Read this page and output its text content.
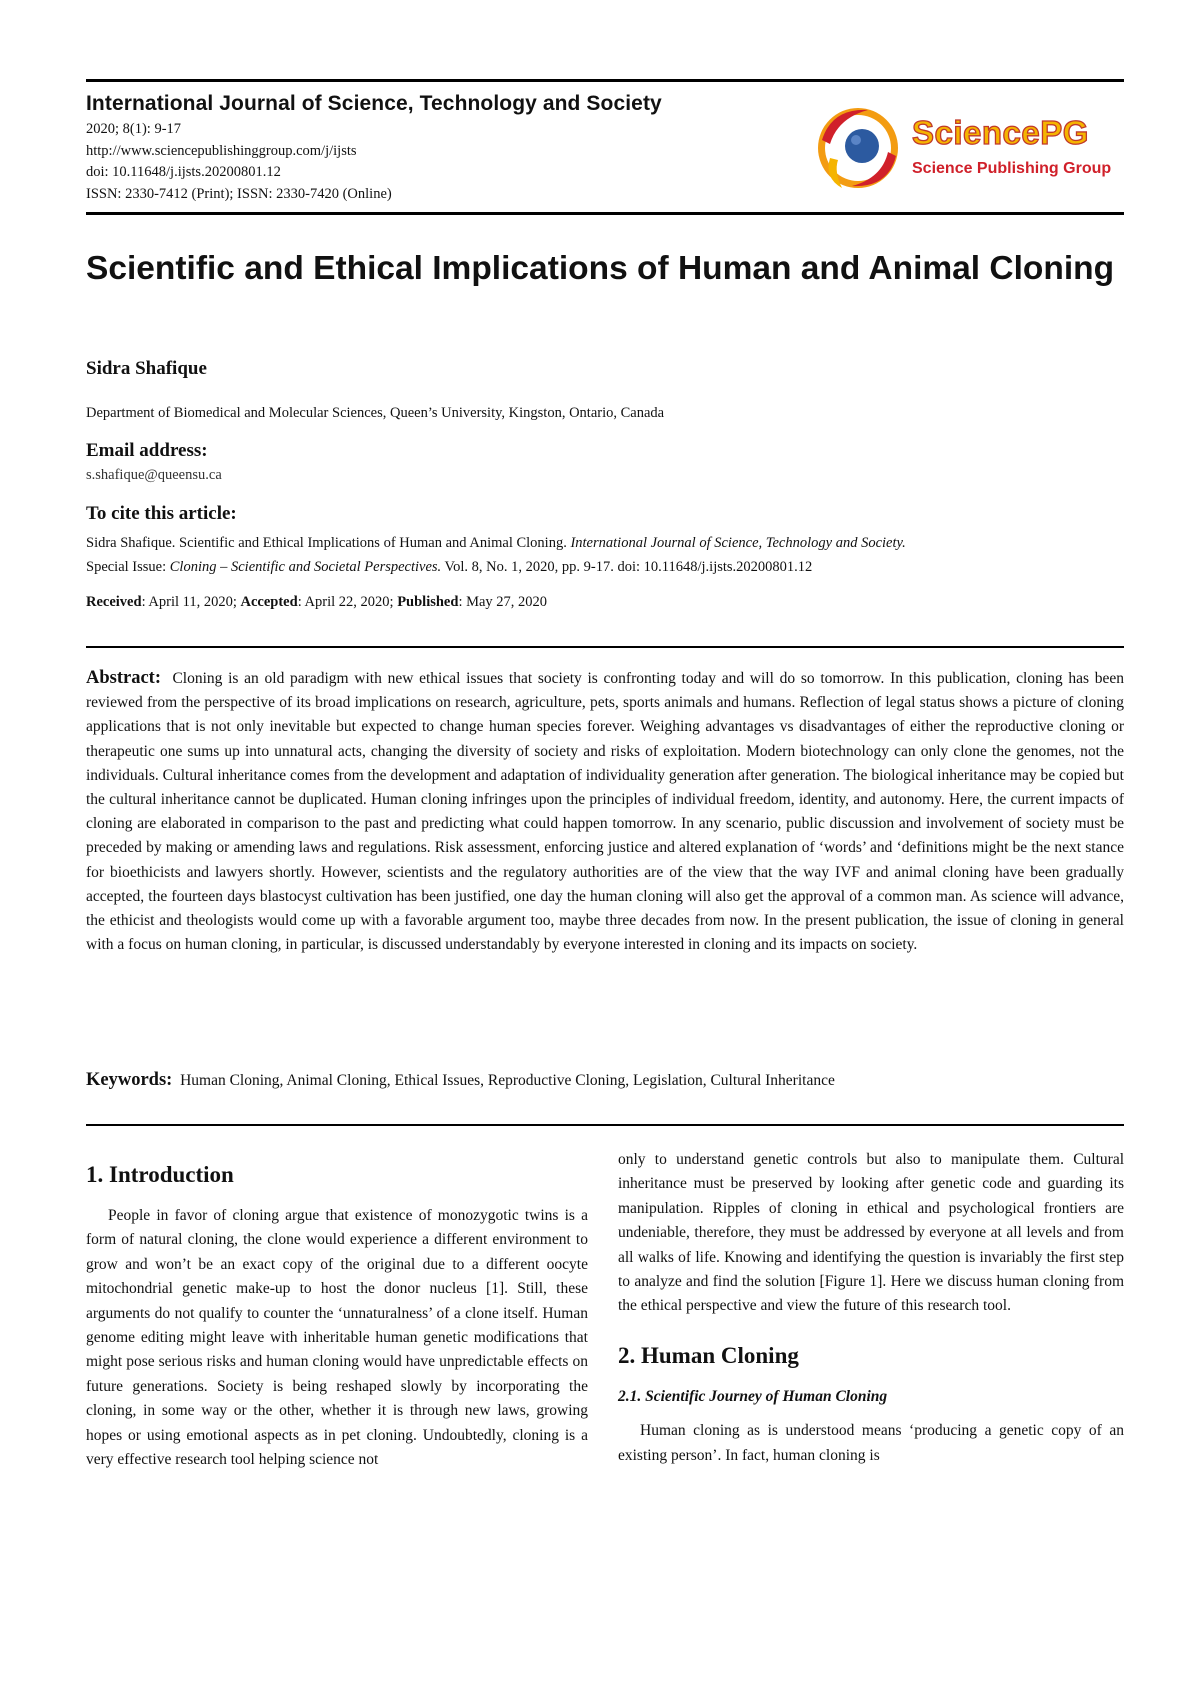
International Journal of Science, Technology and Society
2020; 8(1): 9-17
http://www.sciencepublishinggroup.com/j/ijsts
doi: 10.11648/j.ijsts.20200801.12
ISSN: 2330-7412 (Print); ISSN: 2330-7420 (Online)
SciencePG
Science Publishing Group
Scientific and Ethical Implications of Human and Animal Cloning
Sidra Shafique
Department of Biomedical and Molecular Sciences, Queen’s University, Kingston, Ontario, Canada
Email address:
s.shafique@queensu.ca
To cite this article:
Sidra Shafique. Scientific and Ethical Implications of Human and Animal Cloning. International Journal of Science, Technology and Society.
Special Issue: Cloning – Scientific and Societal Perspectives. Vol. 8, No. 1, 2020, pp. 9-17. doi: 10.11648/j.ijsts.20200801.12
Received: April 11, 2020; Accepted: April 22, 2020; Published: May 27, 2020

Abstract: Cloning is an old paradigm with new ethical issues that society is confronting today and will do so tomorrow. In this publication, cloning has been reviewed from the perspective of its broad implications on research, agriculture, pets, sports animals and humans. Reflection of legal status shows a picture of cloning applications that is not only inevitable but expected to change human species forever. Weighing advantages vs disadvantages of either the reproductive cloning or therapeutic one sums up into unnatural acts, changing the diversity of society and risks of exploitation. Modern biotechnology can only clone the genomes, not the individuals. Cultural inheritance comes from the development and adaptation of individuality generation after generation. The biological inheritance may be copied but the cultural inheritance cannot be duplicated. Human cloning infringes upon the principles of individual freedom, identity, and autonomy. Here, the current impacts of cloning are elaborated in comparison to the past and predicting what could happen tomorrow. In any scenario, public discussion and involvement of society must be preceded by making or amending laws and regulations. Risk assessment, enforcing justice and altered explanation of ‘words’ and ‘definitions might be the next stance for bioethicists and lawyers shortly. However, scientists and the regulatory authorities are of the view that the way IVF and animal cloning have been gradually accepted, the fourteen days blastocyst cultivation has been justified, one day the human cloning will also get the approval of a common man. As science will advance, the ethicist and theologists would come up with a favorable argument too, maybe three decades from now. In the present publication, the issue of cloning in general with a focus on human cloning, in particular, is discussed understandably by everyone interested in cloning and its impacts on society.

Keywords: Human Cloning, Animal Cloning, Ethical Issues, Reproductive Cloning, Legislation, Cultural Inheritance
1. Introduction

People in favor of cloning argue that existence of monozygotic twins is a form of natural cloning, the clone would experience a different environment to grow and won’t be an exact copy of the original due to a different oocyte mitochondrial genetic make-up to host the donor nucleus [1]. Still, these arguments do not qualify to counter the ‘unnaturalness’ of a clone itself. Human genome editing might leave with inheritable human genetic modifications that might pose serious risks and human cloning would have unpredictable effects on future generations. Society is being reshaped slowly by incorporating the cloning, in some way or the other, whether it is through new laws, growing hopes or using emotional aspects as in pet cloning. Undoubtedly, cloning is a very effective research tool helping science not

only to understand genetic controls but also to manipulate them. Cultural inheritance must be preserved by looking after genetic code and guarding its manipulation. Ripples of cloning in ethical and psychological frontiers are undeniable, therefore, they must be addressed by everyone at all levels and from all walks of life. Knowing and identifying the question is invariably the first step to analyze and find the solution [Figure 1]. Here we discuss human cloning from the ethical perspective and view the future of this research tool.

2. Human Cloning
2.1. Scientific Journey of Human Cloning

Human cloning as is understood means ‘producing a genetic copy of an existing person’. In fact, human cloning is
